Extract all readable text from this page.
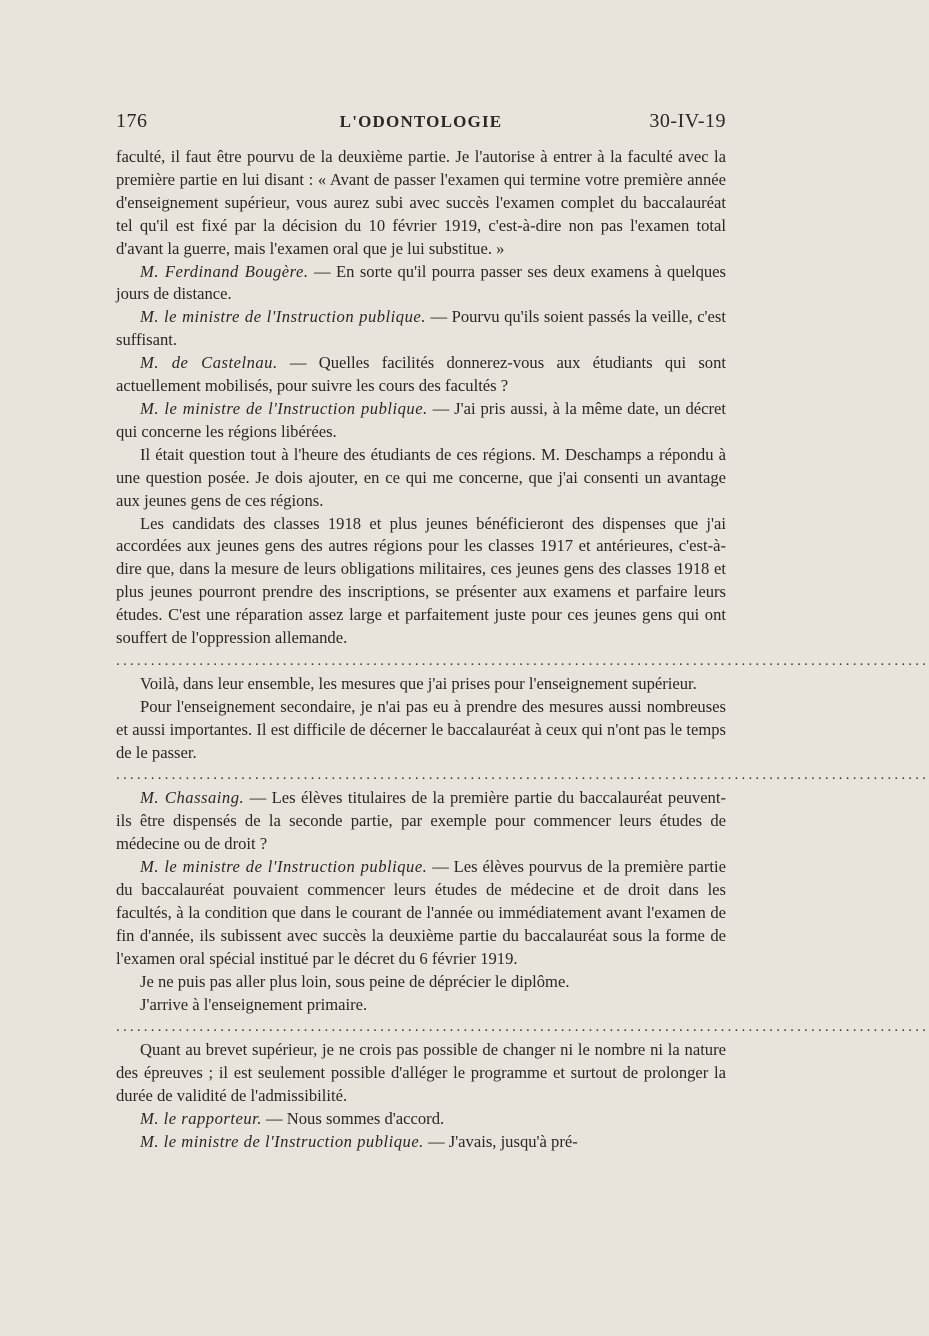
176	L'ODONTOLOGIE	30-IV-19

faculté, il faut être pourvu de la deuxième partie. Je l'autorise à entrer à la faculté avec la première partie en lui disant : « Avant de passer l'examen qui termine votre première année d'enseignement supérieur, vous aurez subi avec succès l'examen complet du baccalauréat tel qu'il est fixé par la décision du 10 février 1919, c'est-à-dire non pas l'examen total d'avant la guerre, mais l'examen oral que je lui substitue. »

M. Ferdinand Bougère. — En sorte qu'il pourra passer ses deux examens à quelques jours de distance.

M. le ministre de l'Instruction publique. — Pourvu qu'ils soient passés la veille, c'est suffisant.

M. de Castelnau. — Quelles facilités donnerez-vous aux étudiants qui sont actuellement mobilisés, pour suivre les cours des facultés ?

M. le ministre de l'Instruction publique. — J'ai pris aussi, à la même date, un décret qui concerne les régions libérées.

Il était question tout à l'heure des étudiants de ces régions. M. Deschamps a répondu à une question posée. Je dois ajouter, en ce qui me concerne, que j'ai consenti un avantage aux jeunes gens de ces régions.

Les candidats des classes 1918 et plus jeunes bénéficieront des dispenses que j'ai accordées aux jeunes gens des autres régions pour les classes 1917 et antérieures, c'est-à-dire que, dans la mesure de leurs obligations militaires, ces jeunes gens des classes 1918 et plus jeunes pourront prendre des inscriptions, se présenter aux examens et parfaire leurs études. C'est une réparation assez large et parfaitement juste pour ces jeunes gens qui ont souffert de l'oppression allemande.

.....................................................................................................................

Voilà, dans leur ensemble, les mesures que j'ai prises pour l'enseignement supérieur.

Pour l'enseignement secondaire, je n'ai pas eu à prendre des mesures aussi nombreuses et aussi importantes. Il est difficile de décerner le baccalauréat à ceux qui n'ont pas le temps de le passer.

.....................................................................................................................

M. Chassaing. — Les élèves titulaires de la première partie du baccalauréat peuvent-ils être dispensés de la seconde partie, par exemple pour commencer leurs études de médecine ou de droit ?

M. le ministre de l'Instruction publique. — Les élèves pourvus de la première partie du baccalauréat pouvaient commencer leurs études de médecine et de droit dans les facultés, à la condition que dans le courant de l'année ou immédiatement avant l'examen de fin d'année, ils subissent avec succès la deuxième partie du baccalauréat sous la forme de l'examen oral spécial institué par le décret du 6 février 1919.

Je ne puis pas aller plus loin, sous peine de déprécier le diplôme.

J'arrive à l'enseignement primaire.

.....................................................................................................................

Quant au brevet supérieur, je ne crois pas possible de changer ni le nombre ni la nature des épreuves ; il est seulement possible d'alléger le programme et surtout de prolonger la durée de validité de l'admissibilité.

M. le rapporteur. — Nous sommes d'accord.

M. le ministre de l'Instruction publique. — J'avais, jusqu'à pré-
